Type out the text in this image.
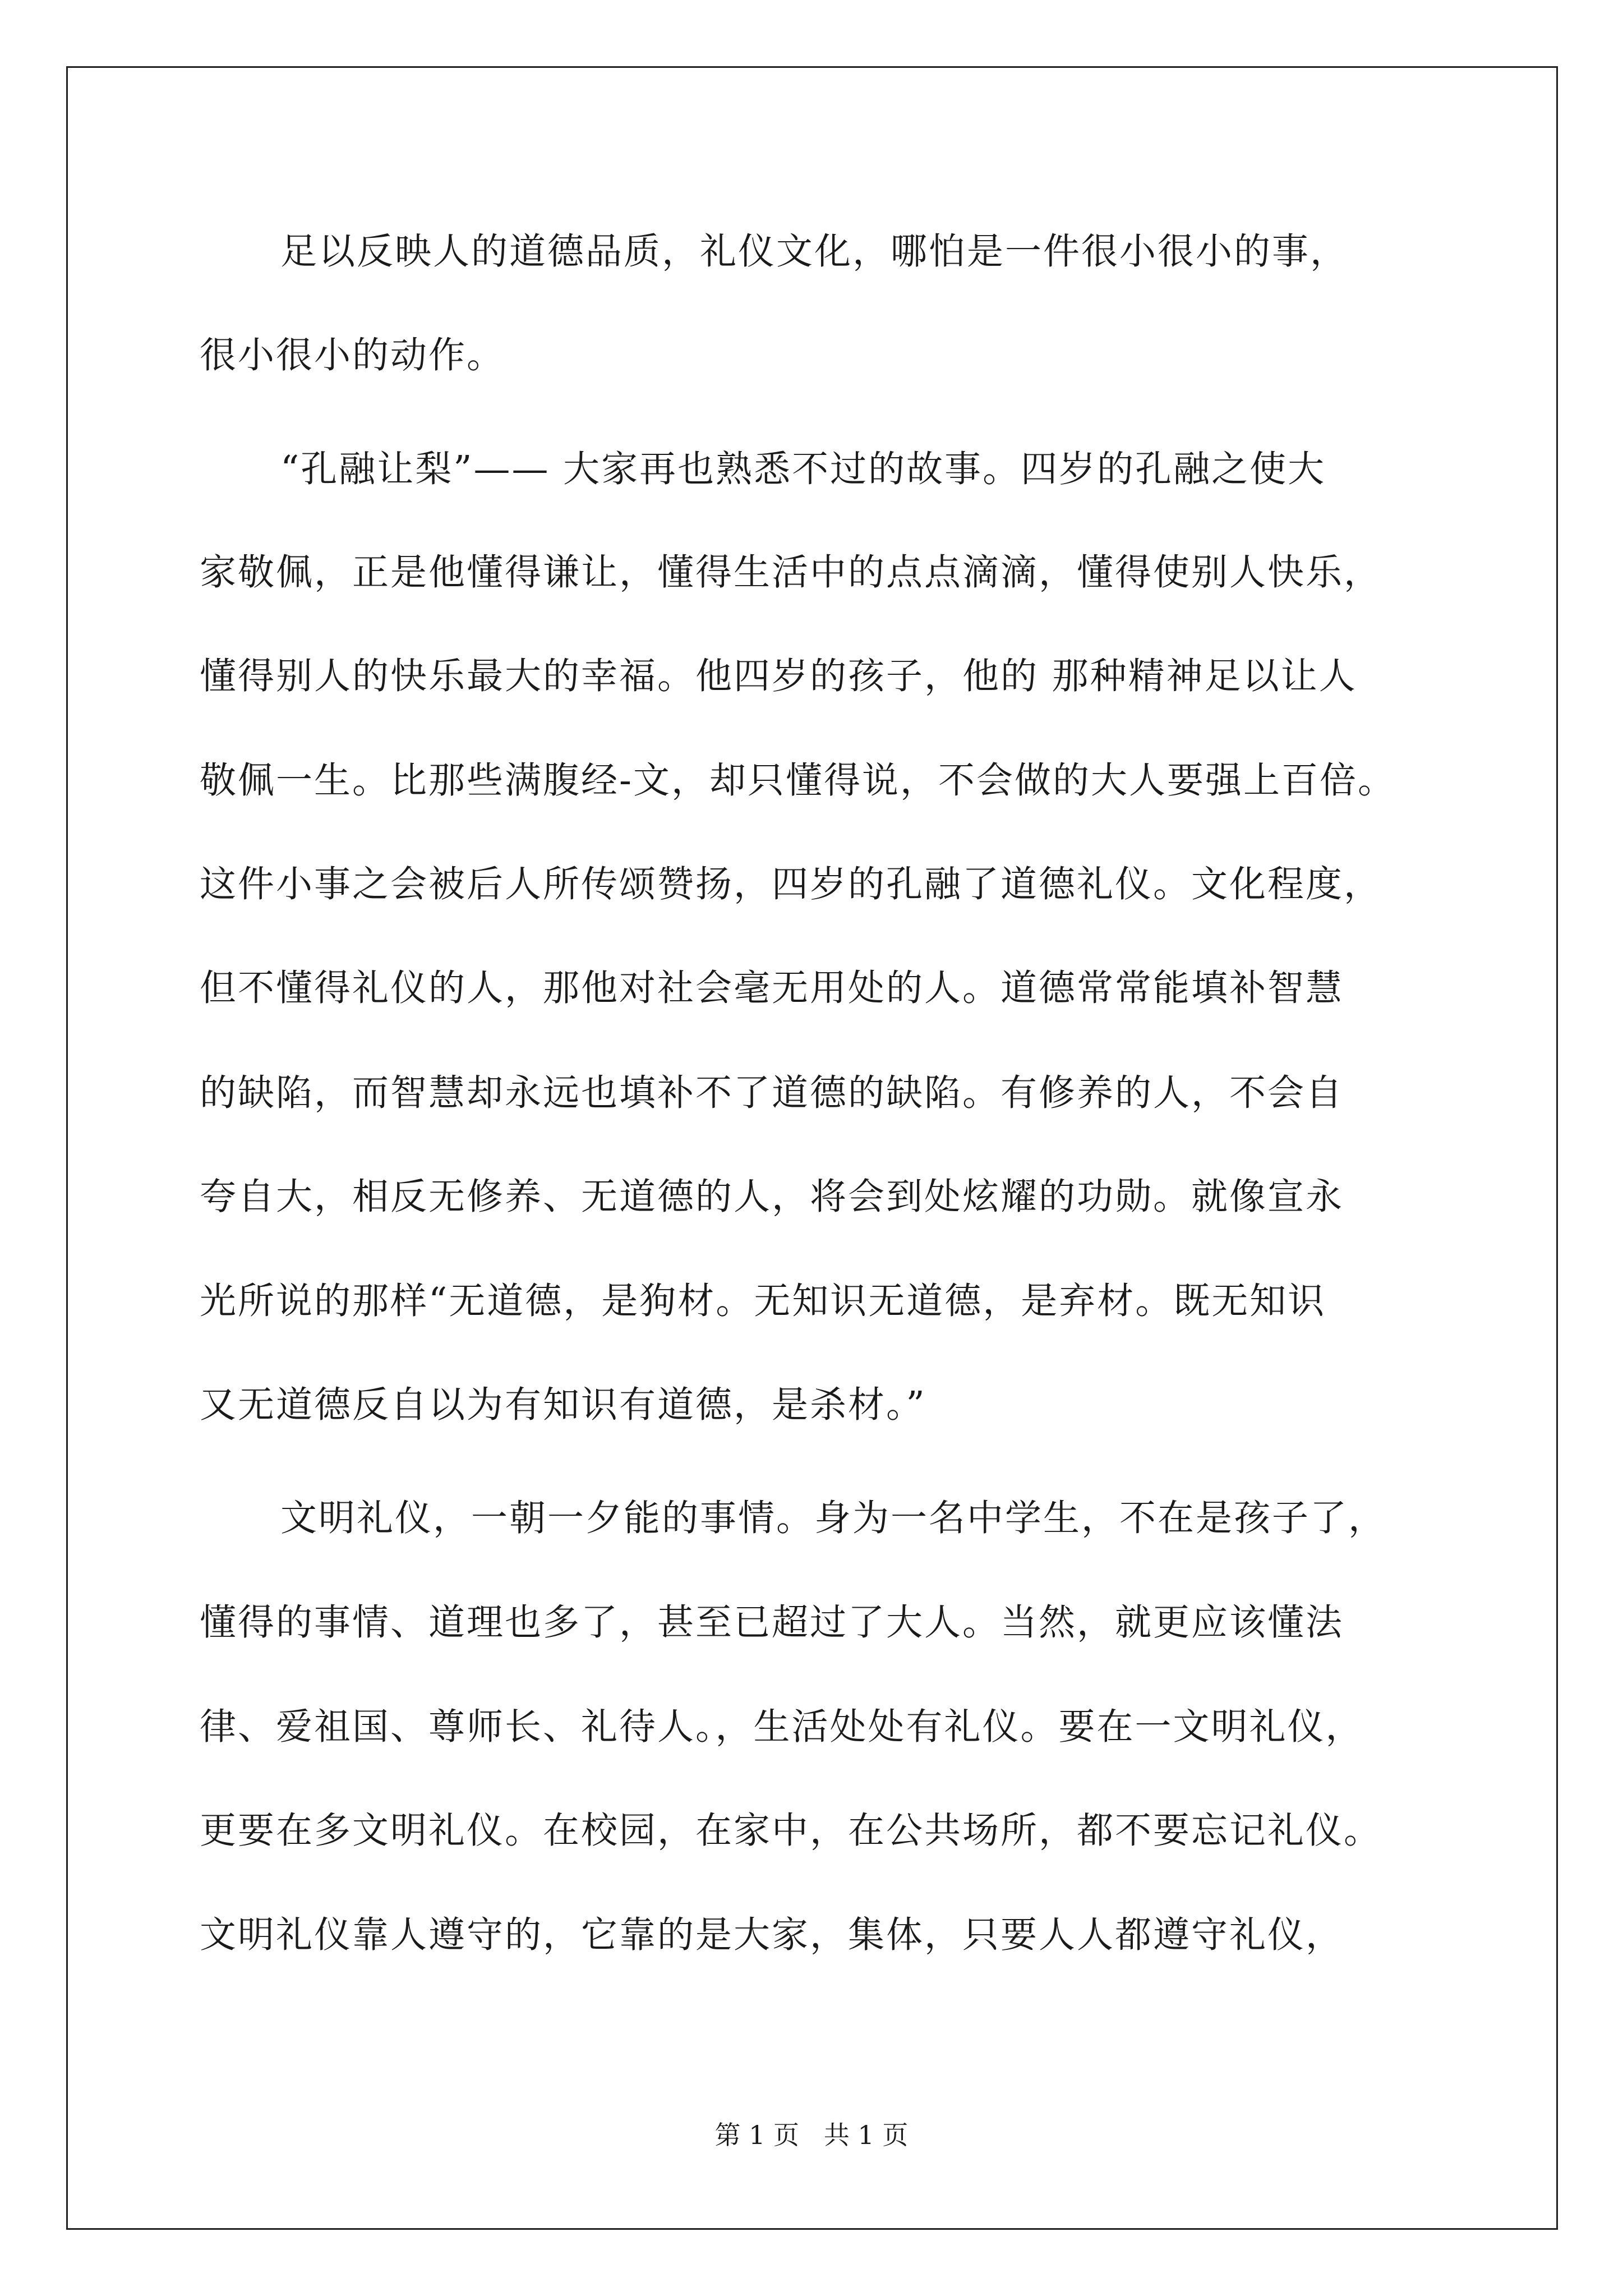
足以反映人的道德品质，礼仪文化，哪怕是一件很小很小的事，
很小很小的动作。
“孔融让梨”—— 大家再也熟悉不过的故事。四岁的孔融之使大
家敬佩，正是他懂得谦让，懂得生活中的点点滴滴，懂得使别人快乐，
懂得别人的快乐最大的幸福。他四岁的孩子，他的 那种精神足以让人
敬佩一生。比那些满腹经-文，却只懂得说，不会做的大人要强上百倍。
这件小事之会被后人所传颂赞扬，四岁的孔融了道德礼仪。文化程度，
但不懂得礼仪的人，那他对社会毫无用处的人。道德常常能填补智慧
的缺陷，而智慧却永远也填补不了道德的缺陷。有修养的人，不会自
夸自大，相反无修养、无道德的人，将会到处炫耀的功勋。就像宣永
光所说的那样“无道德，是狗材。无知识无道德，是弃材。既无知识
又无道德反自以为有知识有道德，是杀材。”
文明礼仪，一朝一夕能的事情。身为一名中学生，不在是孩子了，
懂得的事情、道理也多了，甚至已超过了大人。当然，就更应该懂法
律、爱祖国、尊师长、礼待人。，生活处处有礼仪。要在一文明礼仪，
更要在多文明礼仪。在校园，在家中，在公共场所，都不要忘记礼仪。
文明礼仪靠人遵守的，它靠的是大家，集体，只要人人都遵守礼仪，
第 1 页   共 1 页
